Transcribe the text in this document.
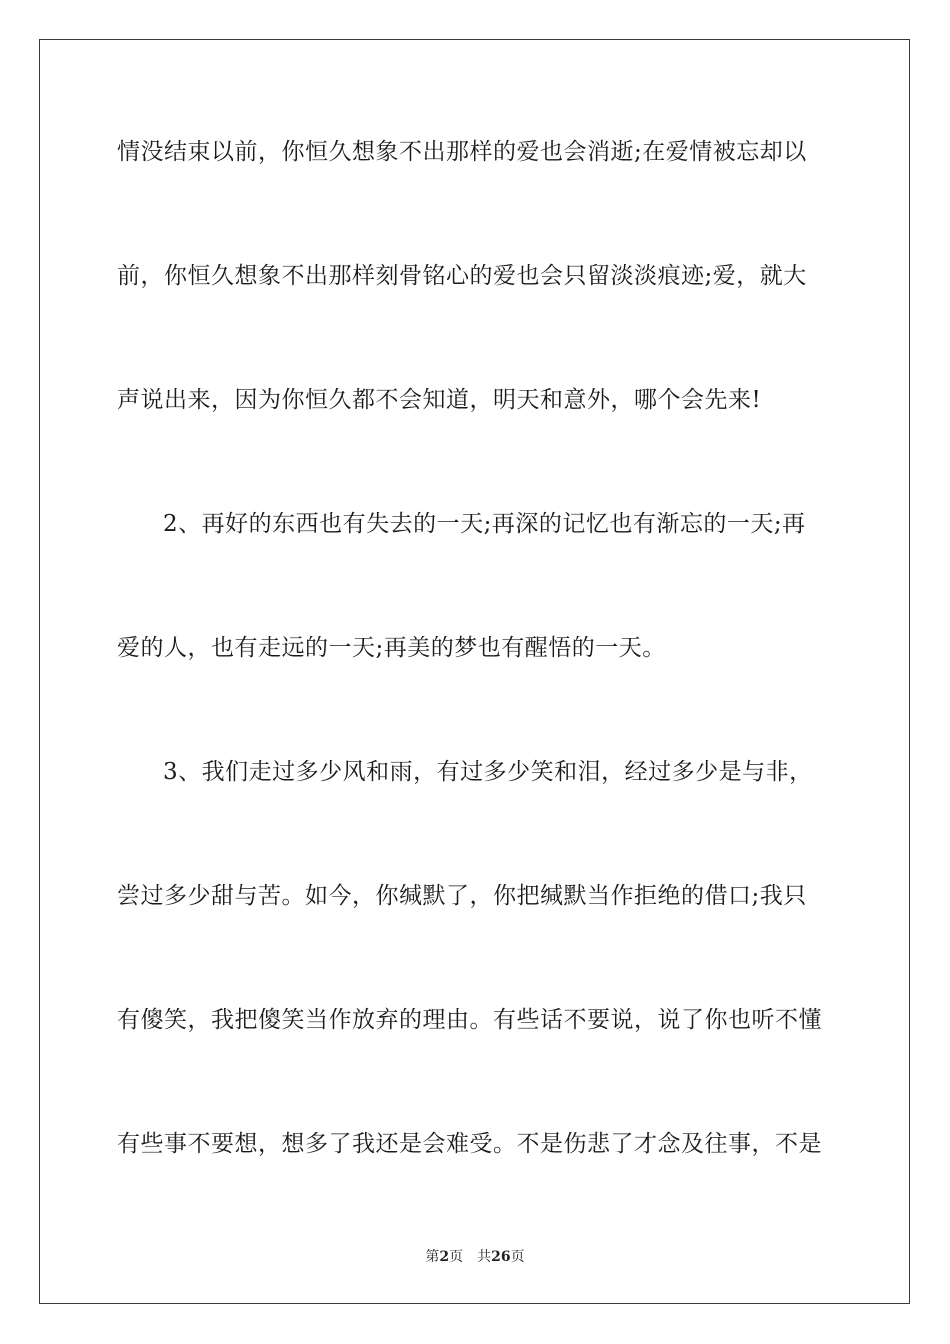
情没结束以前，你恒久想象不出那样的爱也会消逝;在爱情被忘却以
前，你恒久想象不出那样刻骨铭心的爱也会只留淡淡痕迹;爱，就大
声说出来，因为你恒久都不会知道，明天和意外，哪个会先来!
2、再好的东西也有失去的一天;再深的记忆也有渐忘的一天;再
爱的人，也有走远的一天;再美的梦也有醒悟的一天。
3、我们走过多少风和雨，有过多少笑和泪，经过多少是与非，
尝过多少甜与苦。如今，你缄默了，你把缄默当作拒绝的借口;我只
有傻笑，我把傻笑当作放弃的理由。有些话不要说，说了你也听不懂
有些事不要想，想多了我还是会难受。不是伤悲了才念及往事，不是
第2页 共26页
